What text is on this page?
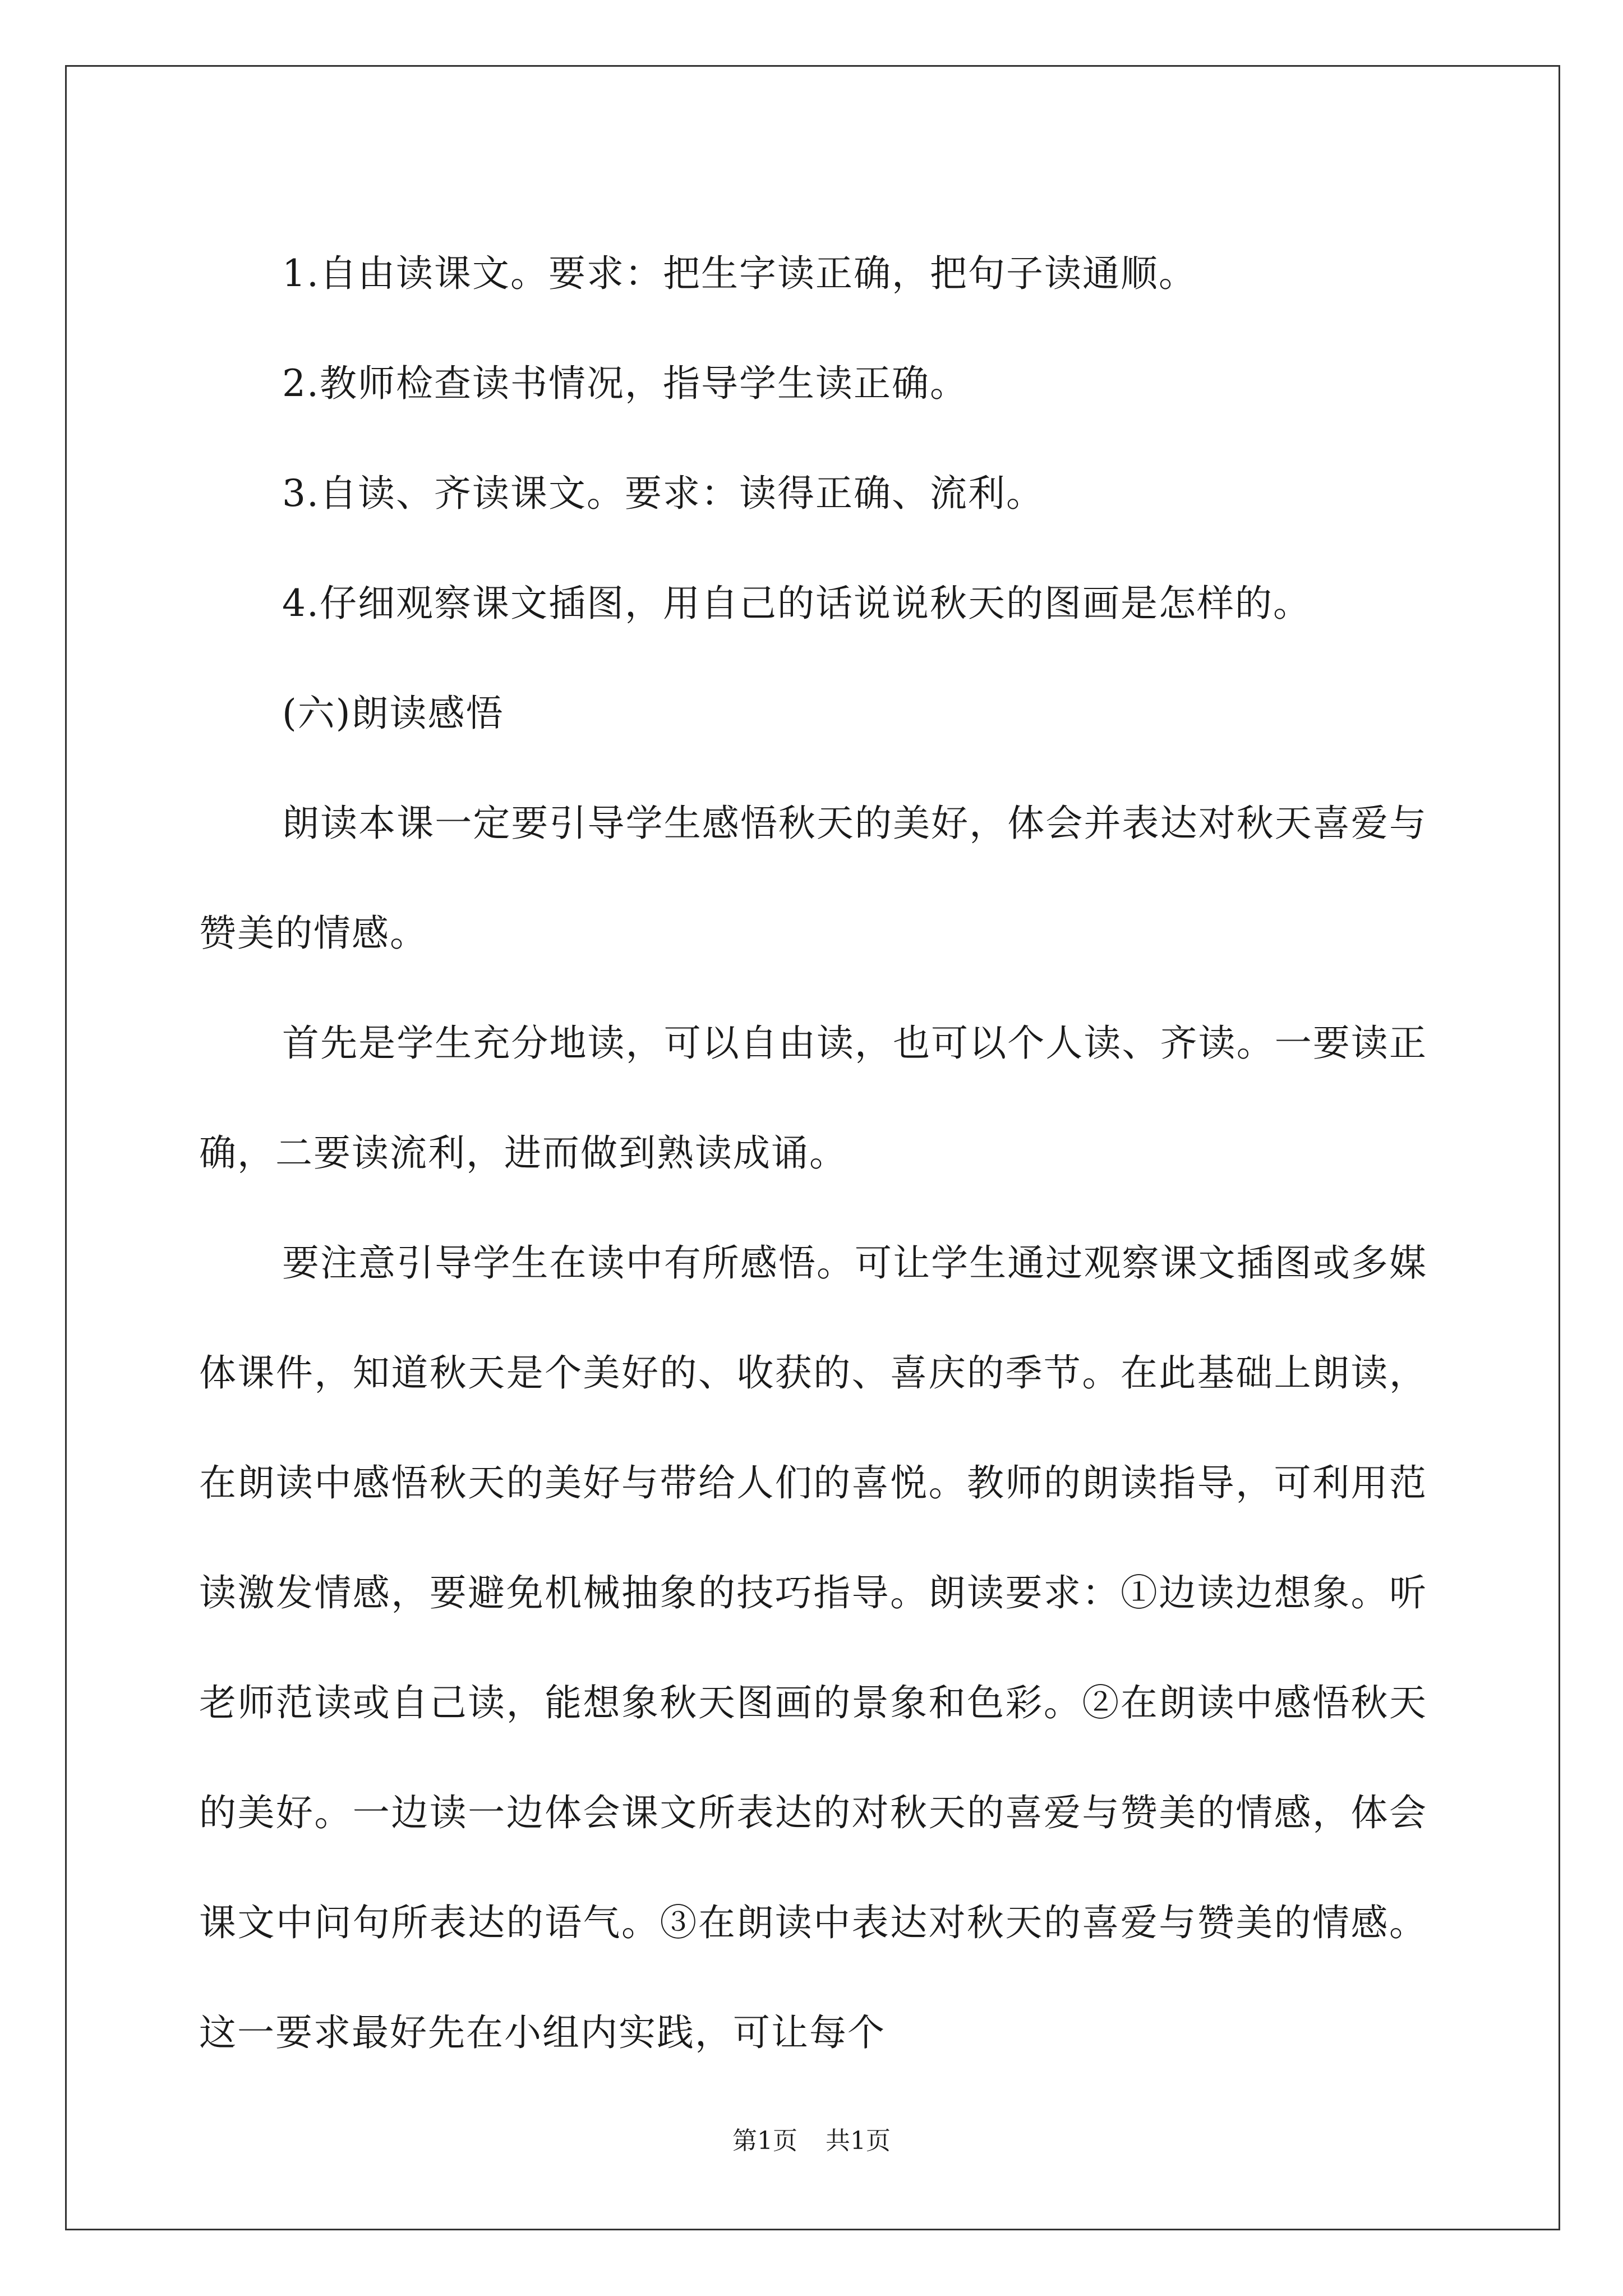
1.自由读课文。要求：把生字读正确，把句子读通顺。

2.教师检查读书情况，指导学生读正确。

3.自读、齐读课文。要求：读得正确、流利。

4.仔细观察课文插图，用自己的话说说秋天的图画是怎样的。

(六)朗读感悟

朗读本课一定要引导学生感悟秋天的美好，体会并表达对秋天喜爱与赞美的情感。

首先是学生充分地读，可以自由读，也可以个人读、齐读。一要读正确，二要读流利，进而做到熟读成诵。

要注意引导学生在读中有所感悟。可让学生通过观察课文插图或多媒体课件，知道秋天是个美好的、收获的、喜庆的季节。在此基础上朗读，在朗读中感悟秋天的美好与带给人们的喜悦。教师的朗读指导，可利用范读激发情感，要避免机械抽象的技巧指导。朗读要求：①边读边想象。听老师范读或自己读，能想象秋天图画的景象和色彩。②在朗读中感悟秋天的美好。一边读一边体会课文所表达的对秋天的喜爱与赞美的情感，体会课文中问句所表达的语气。③在朗读中表达对秋天的喜爱与赞美的情感。这一要求最好先在小组内实践，可让每个

第1页 共1页
